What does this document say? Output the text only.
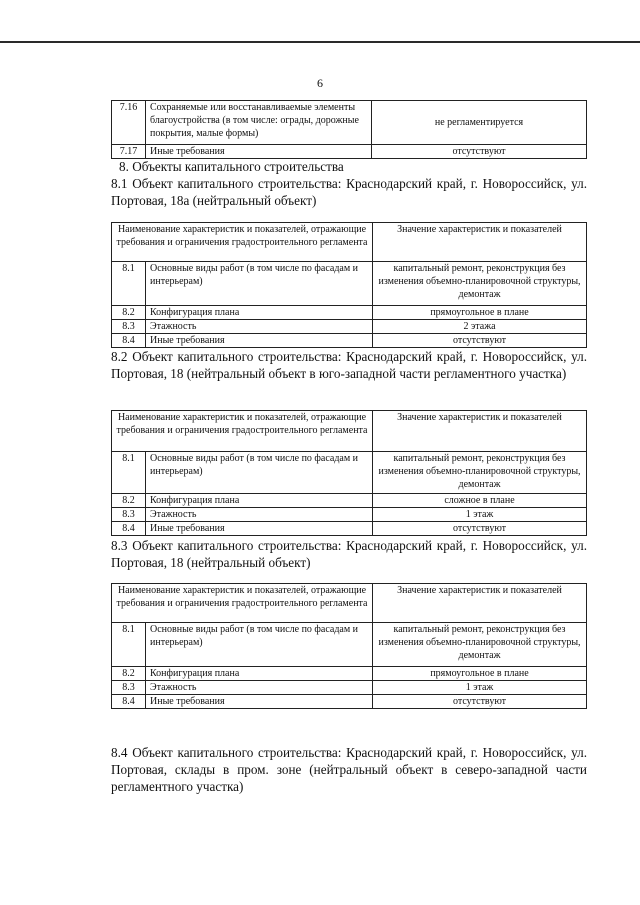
6
7.16	Сохраняемые или восстанавливаемые элементы благоустройства (в том числе: ограды, дорожные покрытия, малые формы)	не регламентируется
7.17	Иные требования	отсутствуют
8. Объекты капитального строительства
8.1 Объект капитального строительства: Краснодарский край, г. Новороссийск, ул. Портовая, 18а (нейтральный объект)
Наименование характеристик и показателей, отражающие требования и ограничения градостроительного регламента		Значение характеристик и показателей
8.1	Основные виды работ (в том числе по фасадам и интерьерам)	капитальный ремонт, реконструкция без изменения объемно-планировочной структуры, демонтаж
8.2	Конфигурация плана	прямоугольное в плане
8.3	Этажность	2 этажа
8.4	Иные требования	отсутствуют
8.2 Объект капитального строительства: Краснодарский край, г. Новороссийск, ул. Портовая, 18 (нейтральный объект в юго-западной части регламентного участка)
Наименование характеристик и показателей, отражающие требования и ограничения градостроительного регламента		Значение характеристик и показателей
8.1	Основные виды работ (в том числе по фасадам и интерьерам)	капитальный ремонт, реконструкция без изменения объемно-планировочной структуры, демонтаж
8.2	Конфигурация плана	сложное в плане
8.3	Этажность	1 этаж
8.4	Иные требования	отсутствуют
8.3 Объект капитального строительства: Краснодарский край, г. Новороссийск, ул. Портовая, 18 (нейтральный объект)
Наименование характеристик и показателей, отражающие требования и ограничения градостроительного регламента		Значение характеристик и показателей
8.1	Основные виды работ (в том числе по фасадам и интерьерам)	капитальный ремонт, реконструкция без изменения объемно-планировочной структуры, демонтаж
8.2	Конфигурация плана	прямоугольное в плане
8.3	Этажность	1 этаж
8.4	Иные требования	отсутствуют
8.4 Объект капитального строительства: Краснодарский край, г. Новороссийск, ул. Портовая, склады в пром. зоне (нейтральный объект в северо-западной части регламентного участка)
